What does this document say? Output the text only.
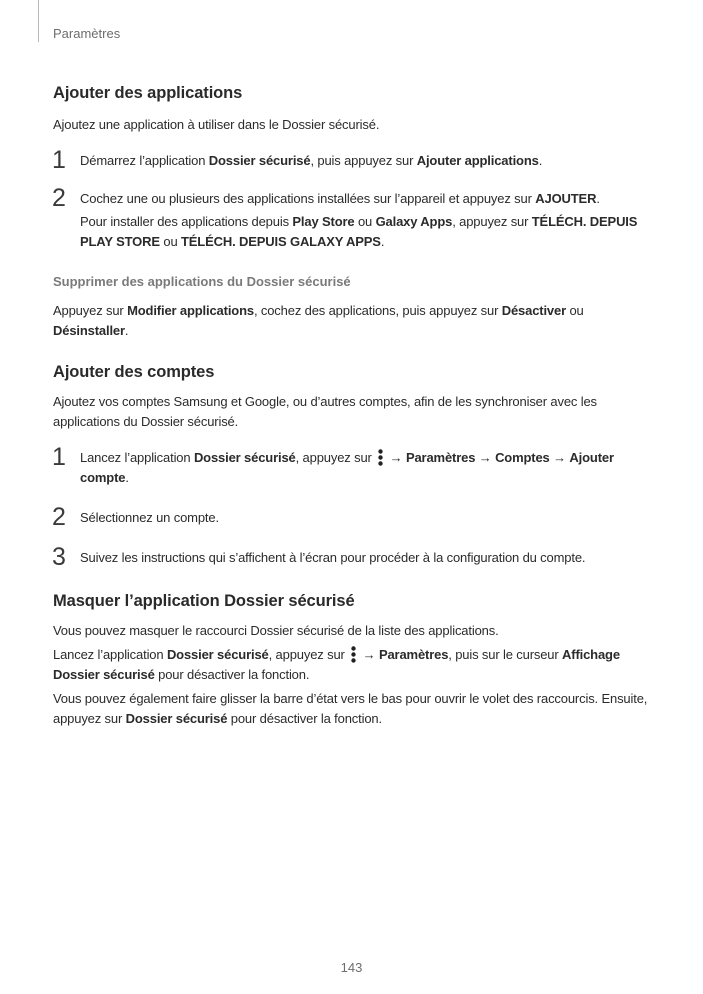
Paramètres
Ajouter des applications

Ajoutez une application à utiliser dans le Dossier sécurisé.

1 Démarrez l’application Dossier sécurisé, puis appuyez sur Ajouter applications.

2 Cochez une ou plusieurs des applications installées sur l’appareil et appuyez sur AJOUTER.

Pour installer des applications depuis Play Store ou Galaxy Apps, appuyez sur TÉLÉCH. DEPUIS PLAY STORE ou TÉLÉCH. DEPUIS GALAXY APPS.

Supprimer des applications du Dossier sécurisé

Appuyez sur Modifier applications, cochez des applications, puis appuyez sur Désactiver ou Désinstaller.

Ajouter des comptes

Ajoutez vos comptes Samsung et Google, ou d’autres comptes, afin de les synchroniser avec les applications du Dossier sécurisé.

1 Lancez l’application Dossier sécurisé, appuyez sur  → Paramètres → Comptes → Ajouter compte.

2 Sélectionnez un compte.

3 Suivez les instructions qui s’affichent à l’écran pour procéder à la configuration du compte.

Masquer l’application Dossier sécurisé

Vous pouvez masquer le raccourci Dossier sécurisé de la liste des applications.

Lancez l’application Dossier sécurisé, appuyez sur  → Paramètres, puis sur le curseur Affichage Dossier sécurisé pour désactiver la fonction.

Vous pouvez également faire glisser la barre d’état vers le bas pour ouvrir le volet des raccourcis. Ensuite, appuyez sur Dossier sécurisé pour désactiver la fonction.

143
